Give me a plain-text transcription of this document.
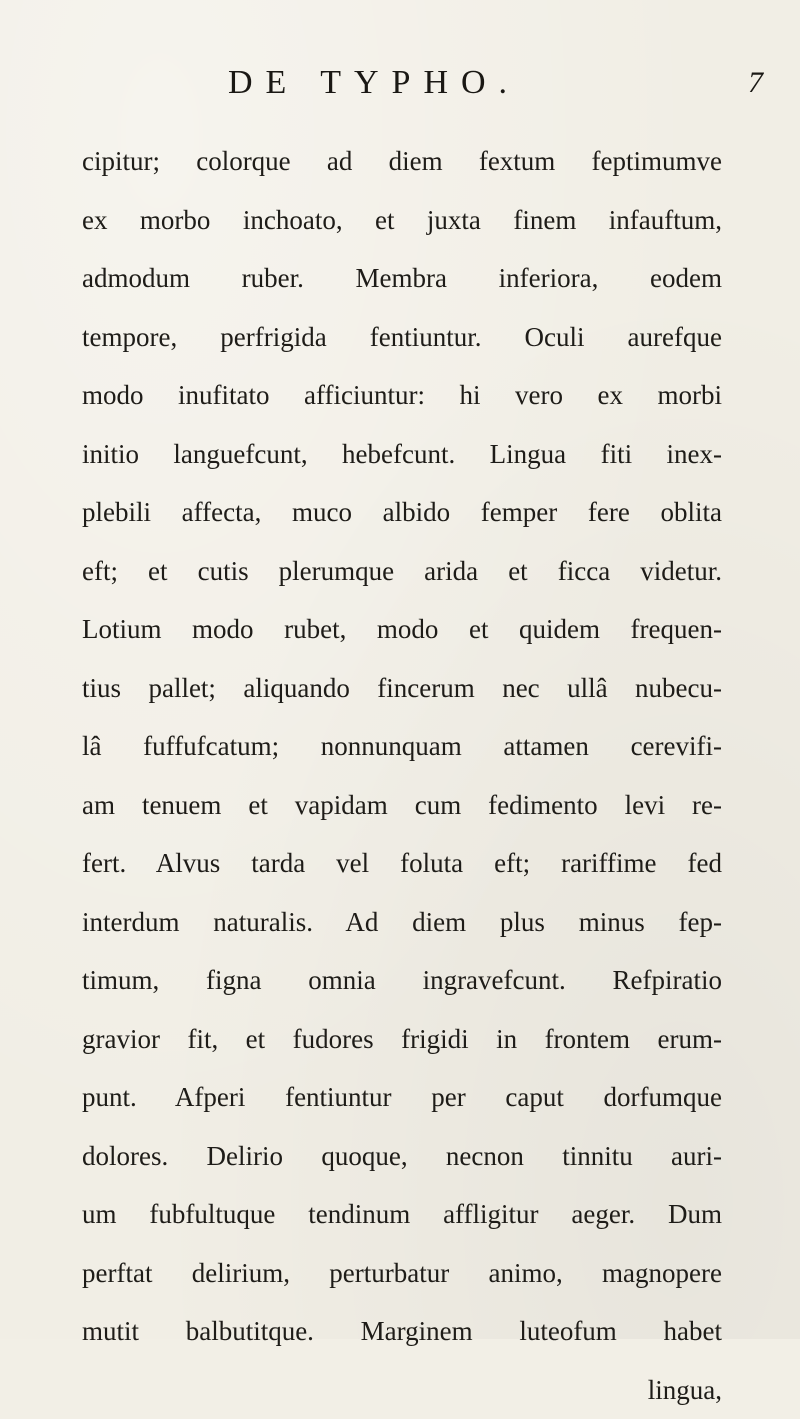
DE TYPHO.	7
cipitur; colorque ad diem fextum feptimumve
ex morbo inchoato, et juxta finem infauftum,
admodum ruber. Membra inferiora, eodem
tempore, perfrigida fentiuntur. Oculi aurefque
modo inufitato afficiuntur: hi vero ex morbi
initio languefcunt, hebefcunt. Lingua fiti inex-
plebili affecta, muco albido femper fere oblita
eft; et cutis plerumque arida et ficca videtur.
Lotium modo rubet, modo et quidem frequen-
tius pallet; aliquando fincerum nec ullâ nubecu-
lâ fuffufcatum; nonnunquam attamen cerevifi-
am tenuem et vapidam cum fedimento levi re-
fert. Alvus tarda vel foluta eft; rariffime fed
interdum naturalis. Ad diem plus minus fep-
timum, figna omnia ingravefcunt. Refpiratio
gravior fit, et fudores frigidi in frontem erum-
punt. Afperi fentiuntur per caput dorfumque
dolores. Delirio quoque, necnon tinnitu auri-
um fubfultuque tendinum affligitur aeger. Dum
perftat delirium, perturbatur animo, magnopere
mutit balbutitque. Marginem luteofum habet
lingua,
